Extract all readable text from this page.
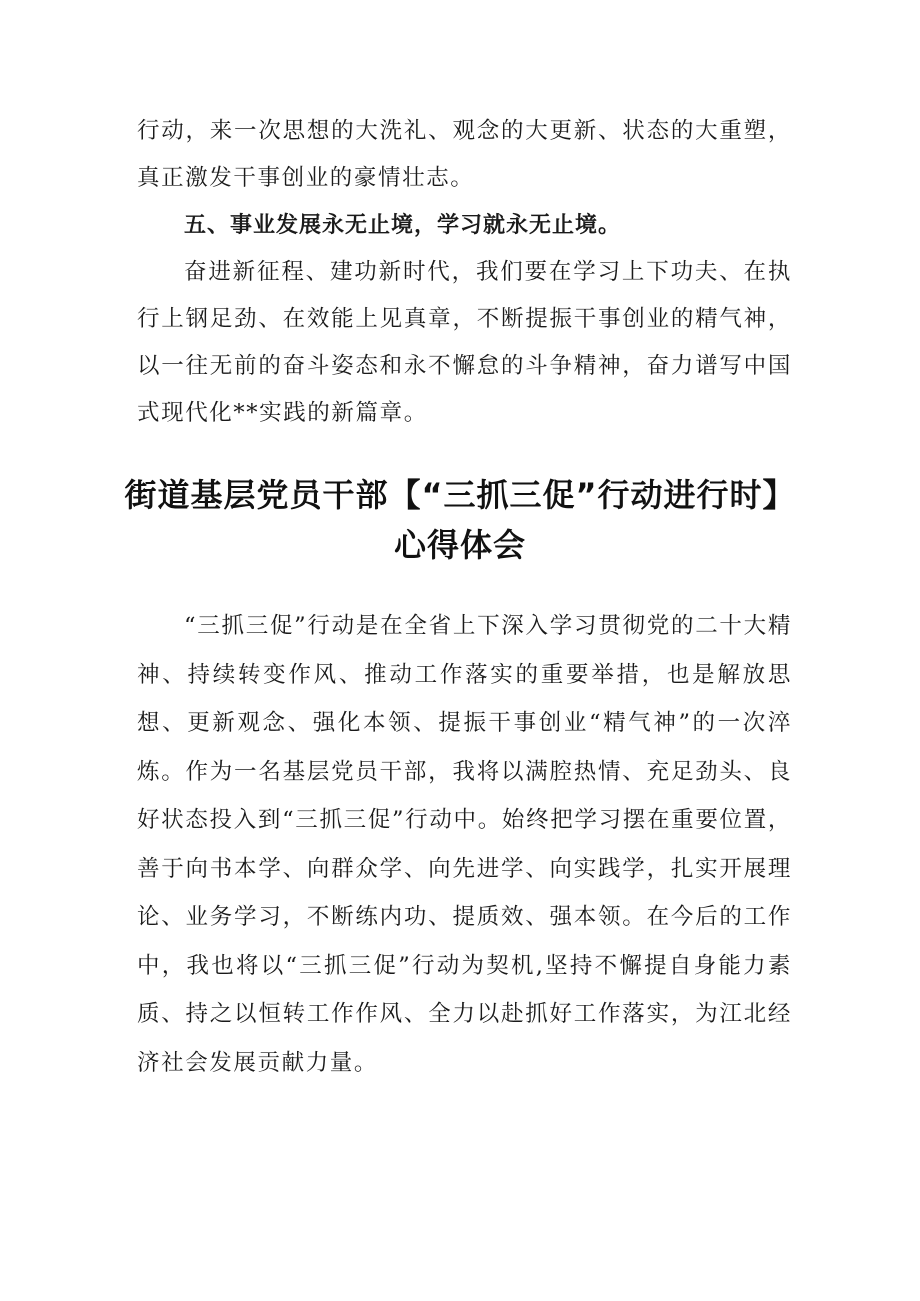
行动，来一次思想的大洗礼、观念的大更新、状态的大重塑，真正激发干事创业的豪情壮志。

五、事业发展永无止境，学习就永无止境。

奋进新征程、建功新时代，我们要在学习上下功夫、在执行上钢足劲、在效能上见真章，不断提振干事创业的精气神，以一往无前的奋斗姿态和永不懈怠的斗争精神，奋力谱写中国式现代化**实践的新篇章。

街道基层党员干部【“三抓三促”行动进行时】
心得体会

“三抓三促”行动是在全省上下深入学习贯彻党的二十大精神、持续转变作风、推动工作落实的重要举措，也是解放思想、更新观念、强化本领、提振干事创业“精气神”的一次淬炼。作为一名基层党员干部，我将以满腔热情、充足劲头、良好状态投入到“三抓三促”行动中。始终把学习摆在重要位置，善于向书本学、向群众学、向先进学、向实践学，扎实开展理论、业务学习，不断练内功、提质效、强本领。在今后的工作中，我也将以“三抓三促”行动为契机,坚持不懈提自身能力素质、持之以恒转工作作风、全力以赴抓好工作落实，为江北经济社会发展贡献力量。
